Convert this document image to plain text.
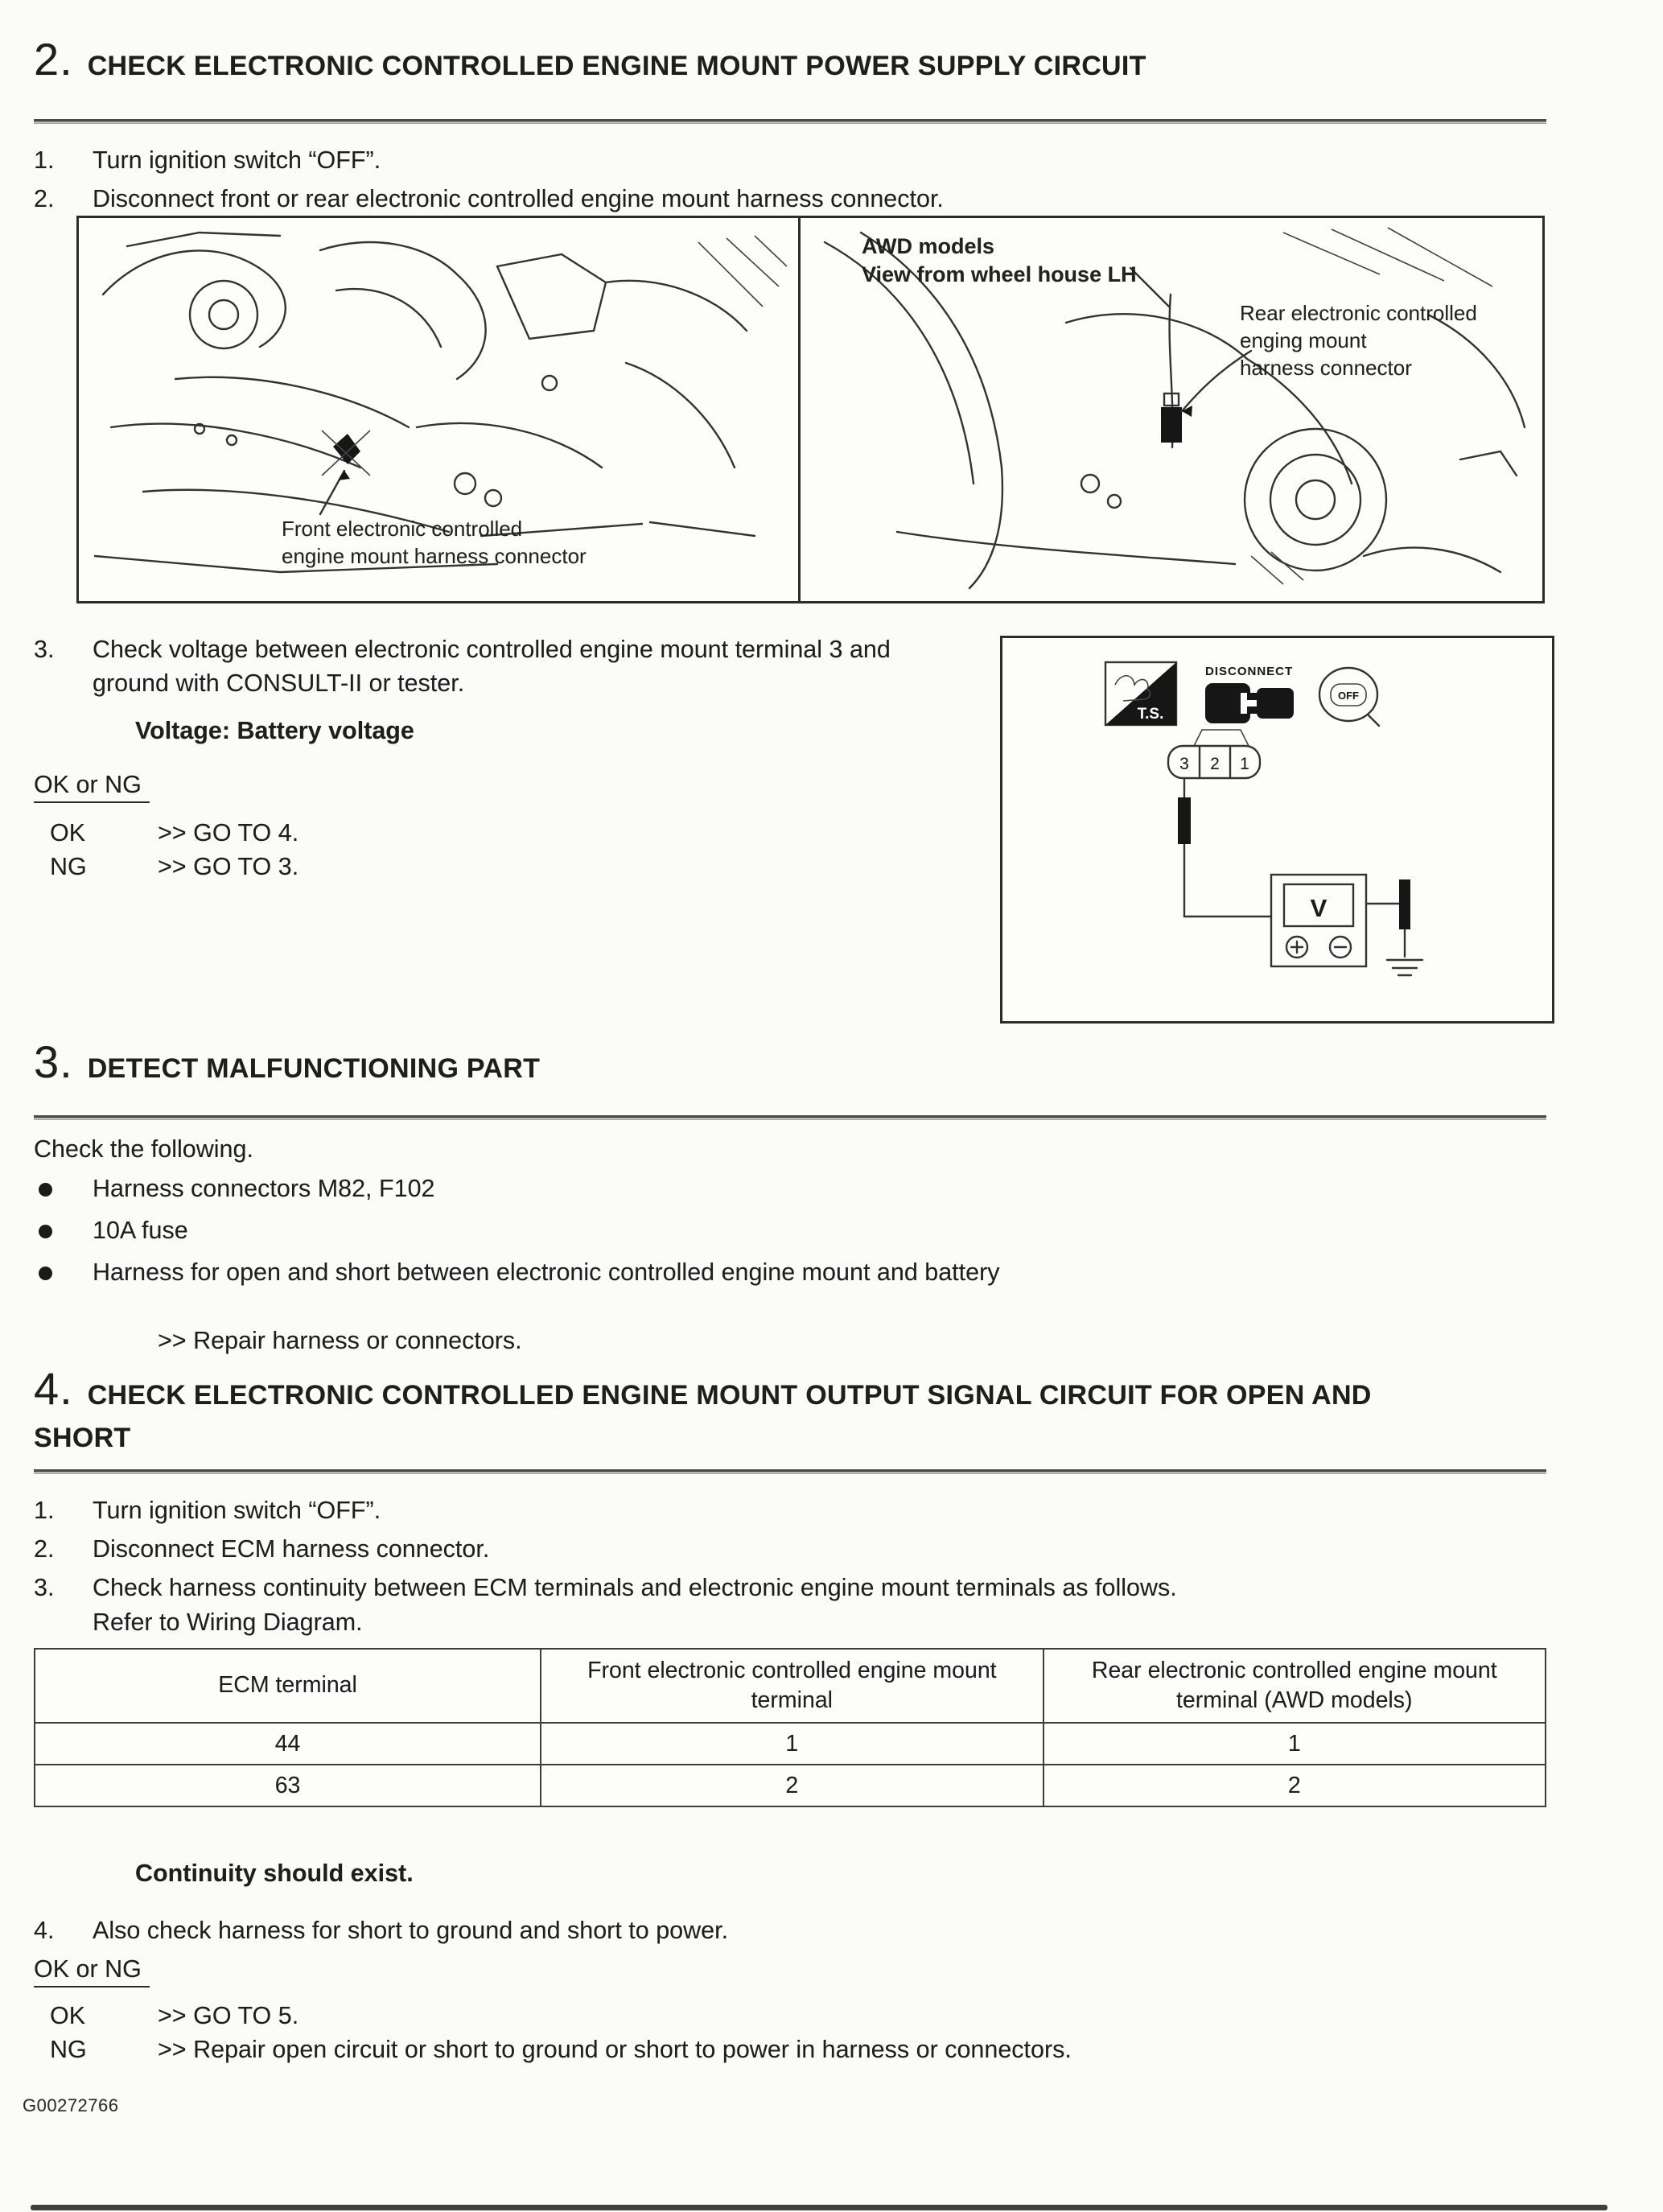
2. CHECK ELECTRONIC CONTROLLED ENGINE MOUNT POWER SUPPLY CIRCUIT
1. Turn ignition switch “OFF”.
2. Disconnect front or rear electronic controlled engine mount harness connector.
AWD models
View from wheel house LH
Rear electronic controlled
enging mount
harness connector
Front electronic controlled
engine mount harness connector
3. Check voltage between electronic controlled engine mount terminal 3 and ground with CONSULT-II or tester.
Voltage: Battery voltage
OK or NG
OK	>> GO TO 4.
NG	>> GO TO 3.
T.S.
DISCONNECT
OFF
3 2 1
V
3. DETECT MALFUNCTIONING PART
Check the following.
Harness connectors M82, F102
10A fuse
Harness for open and short between electronic controlled engine mount and battery
>> Repair harness or connectors.
4. CHECK ELECTRONIC CONTROLLED ENGINE MOUNT OUTPUT SIGNAL CIRCUIT FOR OPEN AND
SHORT
1. Turn ignition switch “OFF”.
2. Disconnect ECM harness connector.
3. Check harness continuity between ECM terminals and electronic engine mount terminals as follows.
Refer to Wiring Diagram.
ECM terminal	Front electronic controlled engine mount terminal	Rear electronic controlled engine mount terminal (AWD models)
44	1	1
63	2	2
Continuity should exist.
4. Also check harness for short to ground and short to power.
OK or NG
OK	>> GO TO 5.
NG	>> Repair open circuit or short to ground or short to power in harness or connectors.
G00272766
